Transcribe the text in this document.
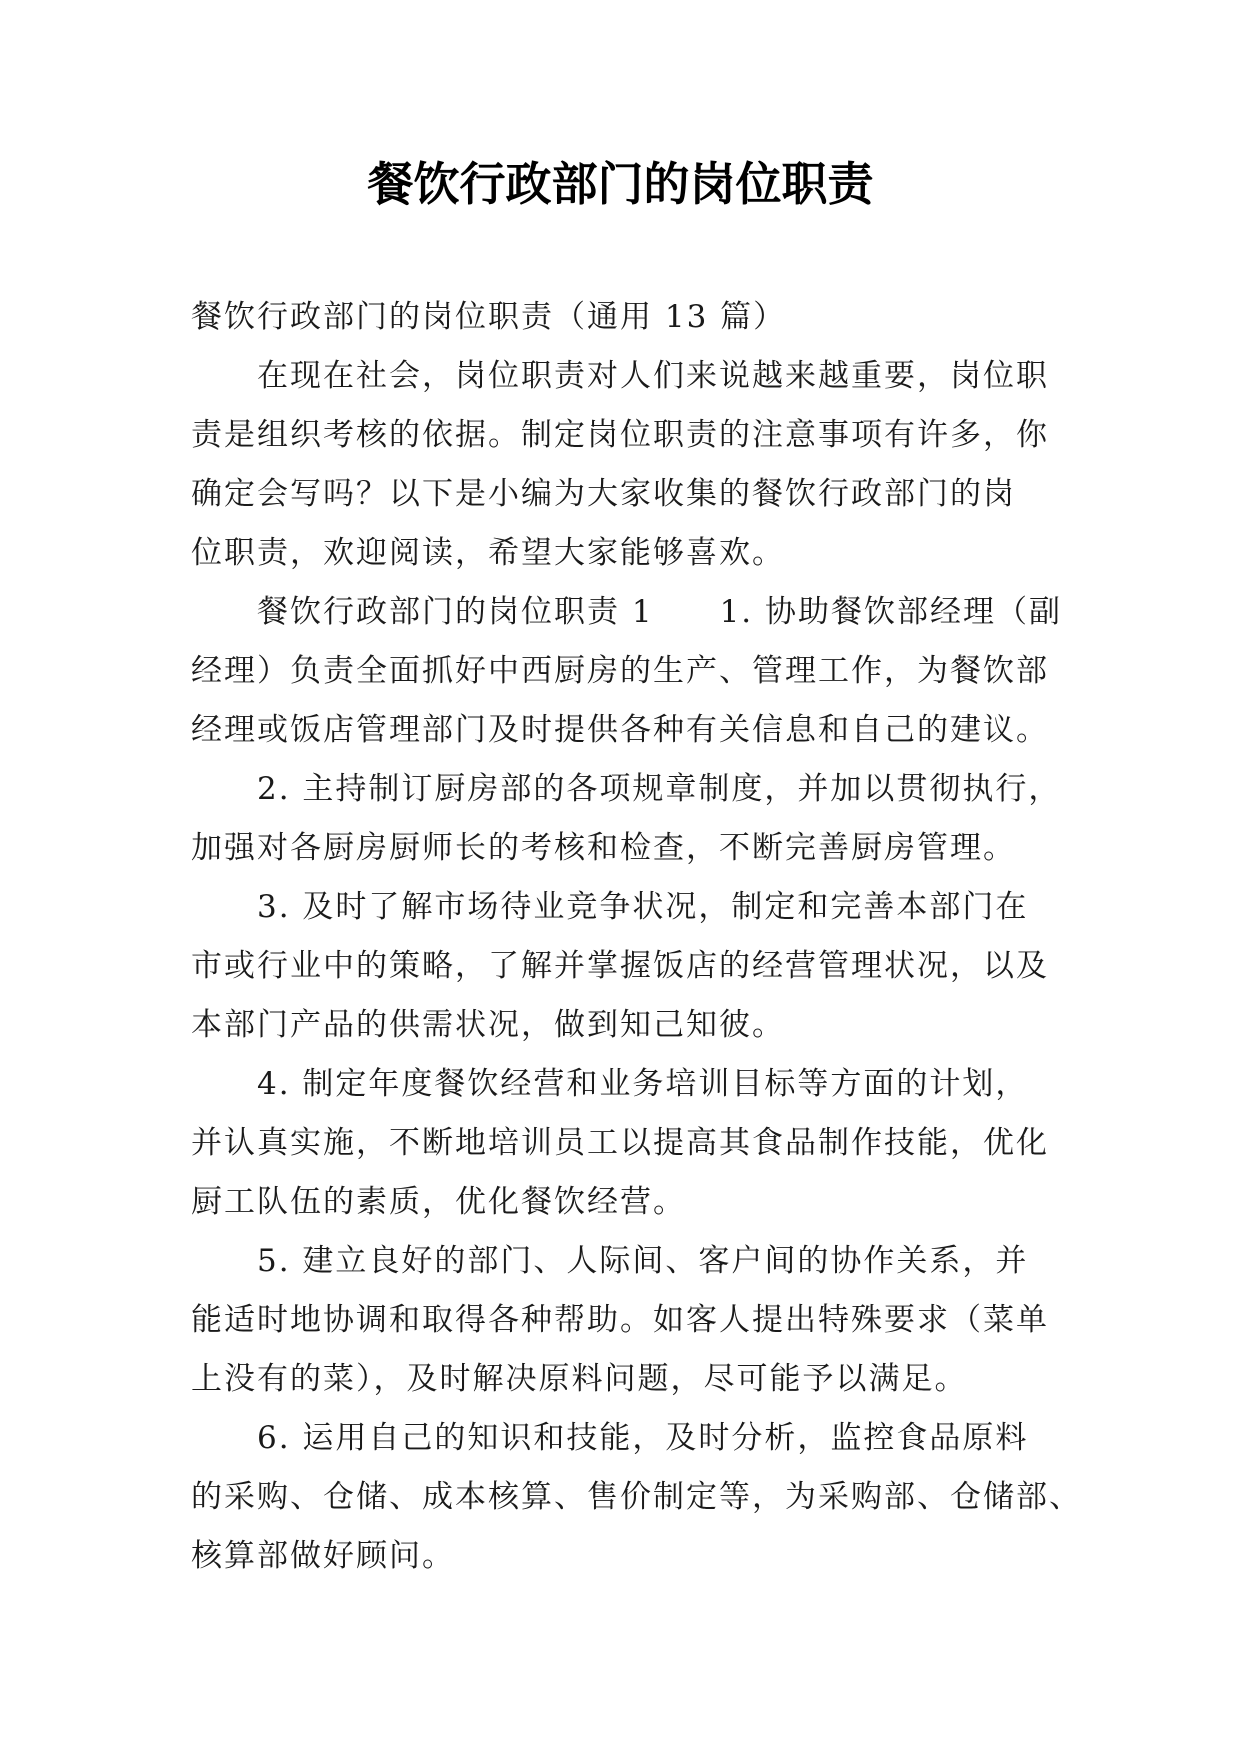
餐饮行政部门的岗位职责
餐饮行政部门的岗位职责（通用 13 篇）
在现在社会，岗位职责对人们来说越来越重要，岗位职
责是组织考核的依据。制定岗位职责的注意事项有许多，你
确定会写吗？以下是小编为大家收集的餐饮行政部门的岗
位职责，欢迎阅读，希望大家能够喜欢。
餐饮行政部门的岗位职责 1 1. 协助餐饮部经理（副
经理）负责全面抓好中西厨房的生产、管理工作，为餐饮部
经理或饭店管理部门及时提供各种有关信息和自己的建议。
2. 主持制订厨房部的各项规章制度，并加以贯彻执行，
加强对各厨房厨师长的考核和检查，不断完善厨房管理。
3. 及时了解市场待业竞争状况，制定和完善本部门在
市或行业中的策略，了解并掌握饭店的经营管理状况，以及
本部门产品的供需状况，做到知己知彼。
4. 制定年度餐饮经营和业务培训目标等方面的计划，
并认真实施，不断地培训员工以提高其食品制作技能，优化
厨工队伍的素质，优化餐饮经营。
5. 建立良好的部门、人际间、客户间的协作关系，并
能适时地协调和取得各种帮助。如客人提出特殊要求（菜单
上没有的菜），及时解决原料问题，尽可能予以满足。
6. 运用自己的知识和技能，及时分析，监控食品原料
的采购、仓储、成本核算、售价制定等，为采购部、仓储部、
核算部做好顾问。
